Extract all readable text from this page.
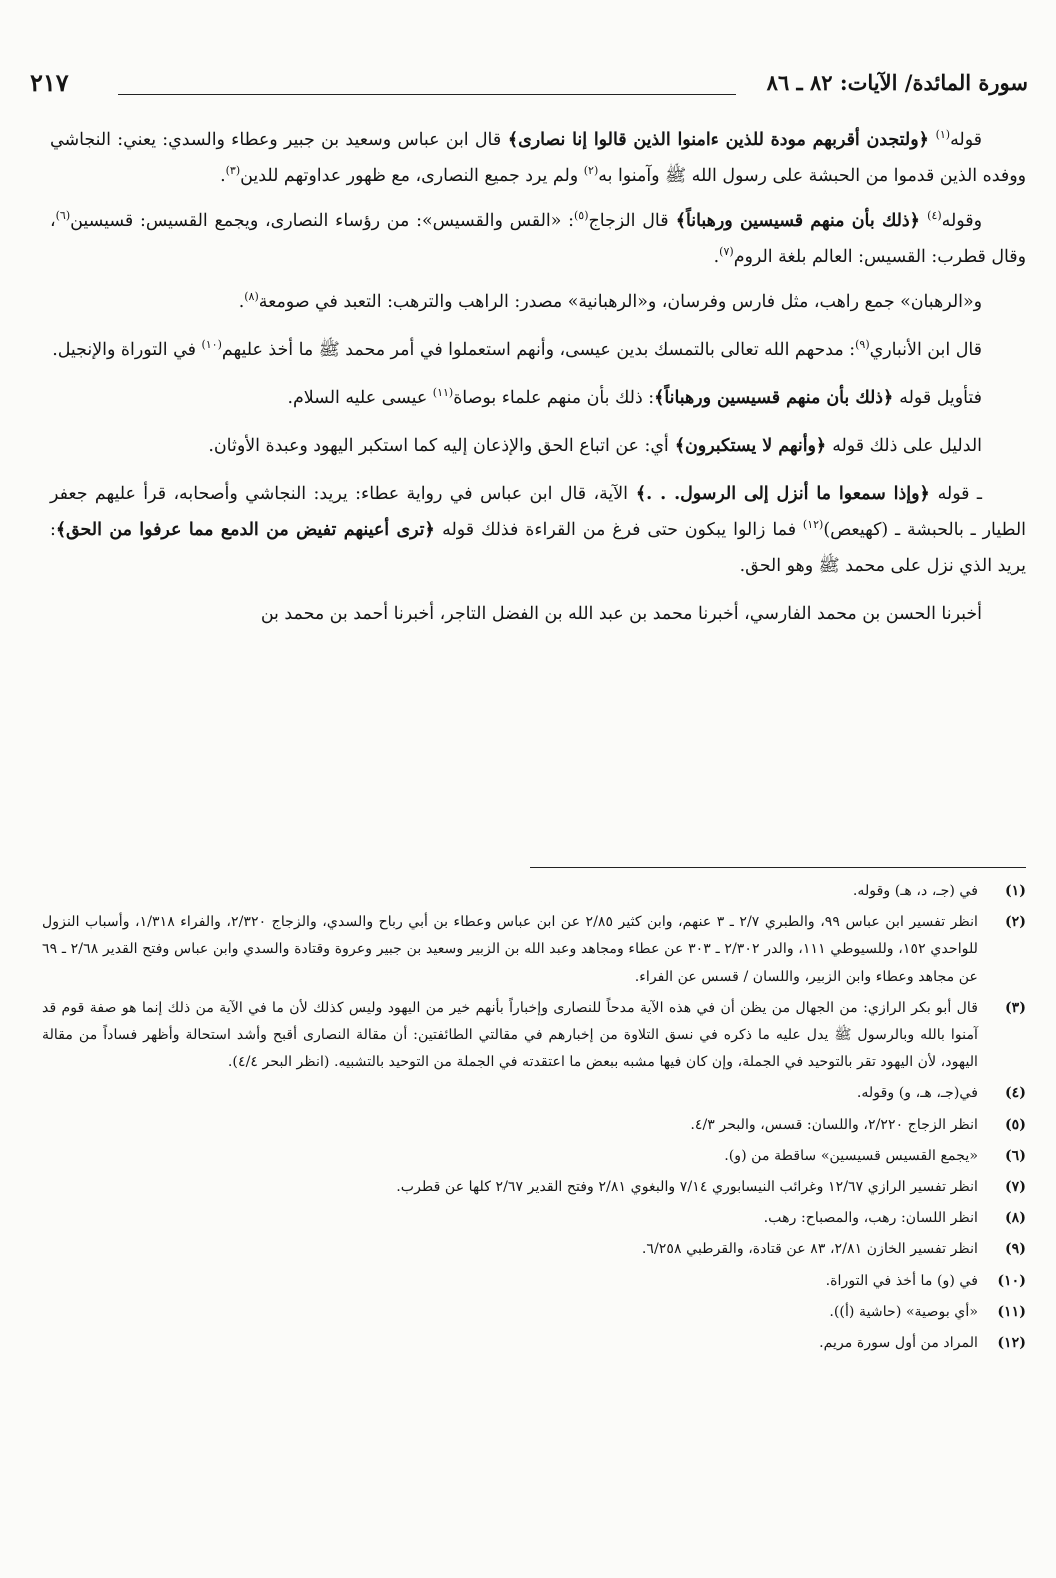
سورة المائدة/ الآيات: ٨٢ ـ ٨٦
٢١٧

قوله$^{(١)}$ ﴿ولتجدن أقربهم مودة للذين ءامنوا الذين قالوا إنا نصارى﴾ قال ابن عباس وسعيد بن جبير وعطاء والسدي: يعني: النجاشي ووفده الذين قدموا من الحبشة على رسول الله ﷺ وآمنوا به$^{(٢)}$ ولم يرد جميع النصارى، مع ظهور عداوتهم للدين$^{(٣)}$.

وقوله$^{(٤)}$ ﴿ذلك بأن منهم قسيسين ورهباناً﴾ قال الزجاج$^{(٥)}$: «القس والقسيس»: من رؤساء النصارى، ويجمع القسيس: قسيسين$^{(٦)}$، وقال قطرب: القسيس: العالم بلغة الروم$^{(٧)}$.

و«الرهبان» جمع راهب، مثل فارس وفرسان، و«الرهبانية» مصدر: الراهب والترهب: التعبد في صومعة$^{(٨)}$.

قال ابن الأنباري$^{(٩)}$: مدحهم الله تعالى بالتمسك بدين عيسى، وأنهم استعملوا في أمر محمد ﷺ ما أخذ عليهم$^{(١٠)}$ في التوراة والإنجيل.

فتأويل قوله ﴿ذلك بأن منهم قسيسين ورهباناً﴾: ذلك بأن منهم علماء بوصاة$^{(١١)}$ عيسى عليه السلام.

الدليل على ذلك قوله ﴿وأنهم لا يستكبرون﴾ أي: عن اتباع الحق والإذعان إليه كما استكبر اليهود وعبدة الأوثان.

ـ قوله ﴿وإذا سمعوا ما أنزل إلى الرسول. . .﴾ الآية، قال ابن عباس في رواية عطاء: يريد: النجاشي وأصحابه، قرأ عليهم جعفر الطيار ـ بالحبشة ـ (كهيعص)$^{(١٢)}$ فما زالوا يبكون حتى فرغ من القراءة فذلك قوله ﴿ترى أعينهم تفيض من الدمع مما عرفوا من الحق﴾: يريد الذي نزل على محمد ﷺ وهو الحق.

أخبرنا الحسن بن محمد الفارسي، أخبرنا محمد بن عبد الله بن الفضل التاجر، أخبرنا أحمد بن محمد بن

(١)
في (جـ، د، هـ) وقوله.
(٢)
انظر تفسير ابن عباس ٩٩، والطبري ٢/٧ ـ ٣ عنهم، وابن كثير ٢/٨٥ عن ابن عباس وعطاء بن أبي رباح والسدي، والزجاج ٢/٣٢٠، والفراء ١/٣١٨، وأسباب النزول للواحدي ١٥٢، وللسيوطي ١١١، والدر ٢/٣٠٢ ـ ٣٠٣ عن عطاء ومجاهد وعبد الله بن الزبير وسعيد بن جبير وعروة وقتادة والسدي وابن عباس وفتح القدير ٢/٦٨ ـ ٦٩ عن مجاهد وعطاء وابن الزبير، واللسان / قسس عن الفراء.
(٣)
قال أبو بكر الرازي: من الجهال من يظن أن في هذه الآية مدحاً للنصارى وإخباراً بأنهم خير من اليهود وليس كذلك لأن ما في الآية من ذلك إنما هو صفة قوم قد آمنوا بالله وبالرسول ﷺ يدل عليه ما ذكره في نسق التلاوة من إخبارهم في مقالتي الطائفتين: أن مقالة النصارى أقبح وأشد استحالة وأظهر فساداً من مقالة اليهود، لأن اليهود تقر بالتوحيد في الجملة، وإن كان فيها مشبه ببعض ما اعتقدته في الجملة من التوحيد بالتشبيه. (انظر البحر ٤/٤).
(٤)
في(جـ، هـ، و) وقوله.
(٥)
انظر الزجاج ٢/٢٢٠، واللسان: قسس، والبحر ٤/٣.
(٦)
«يجمع القسيس قسيسين» ساقطة من (و).
(٧)
انظر تفسير الرازي ١٢/٦٧ وغرائب النيسابوري ٧/١٤ والبغوي ٢/٨١ وفتح القدير ٢/٦٧ كلها عن قطرب.
(٨)
انظر اللسان: رهب، والمصباح: رهب.
(٩)
انظر تفسير الخازن ٢/٨١، ٨٣ عن قتادة، والقرطبي ٦/٢٥٨.
(١٠)
في (و) ما أخذ في التوراة.
(١١)
«أي بوصية» (حاشية (أ)).
(١٢)
المراد من أول سورة مريم.
